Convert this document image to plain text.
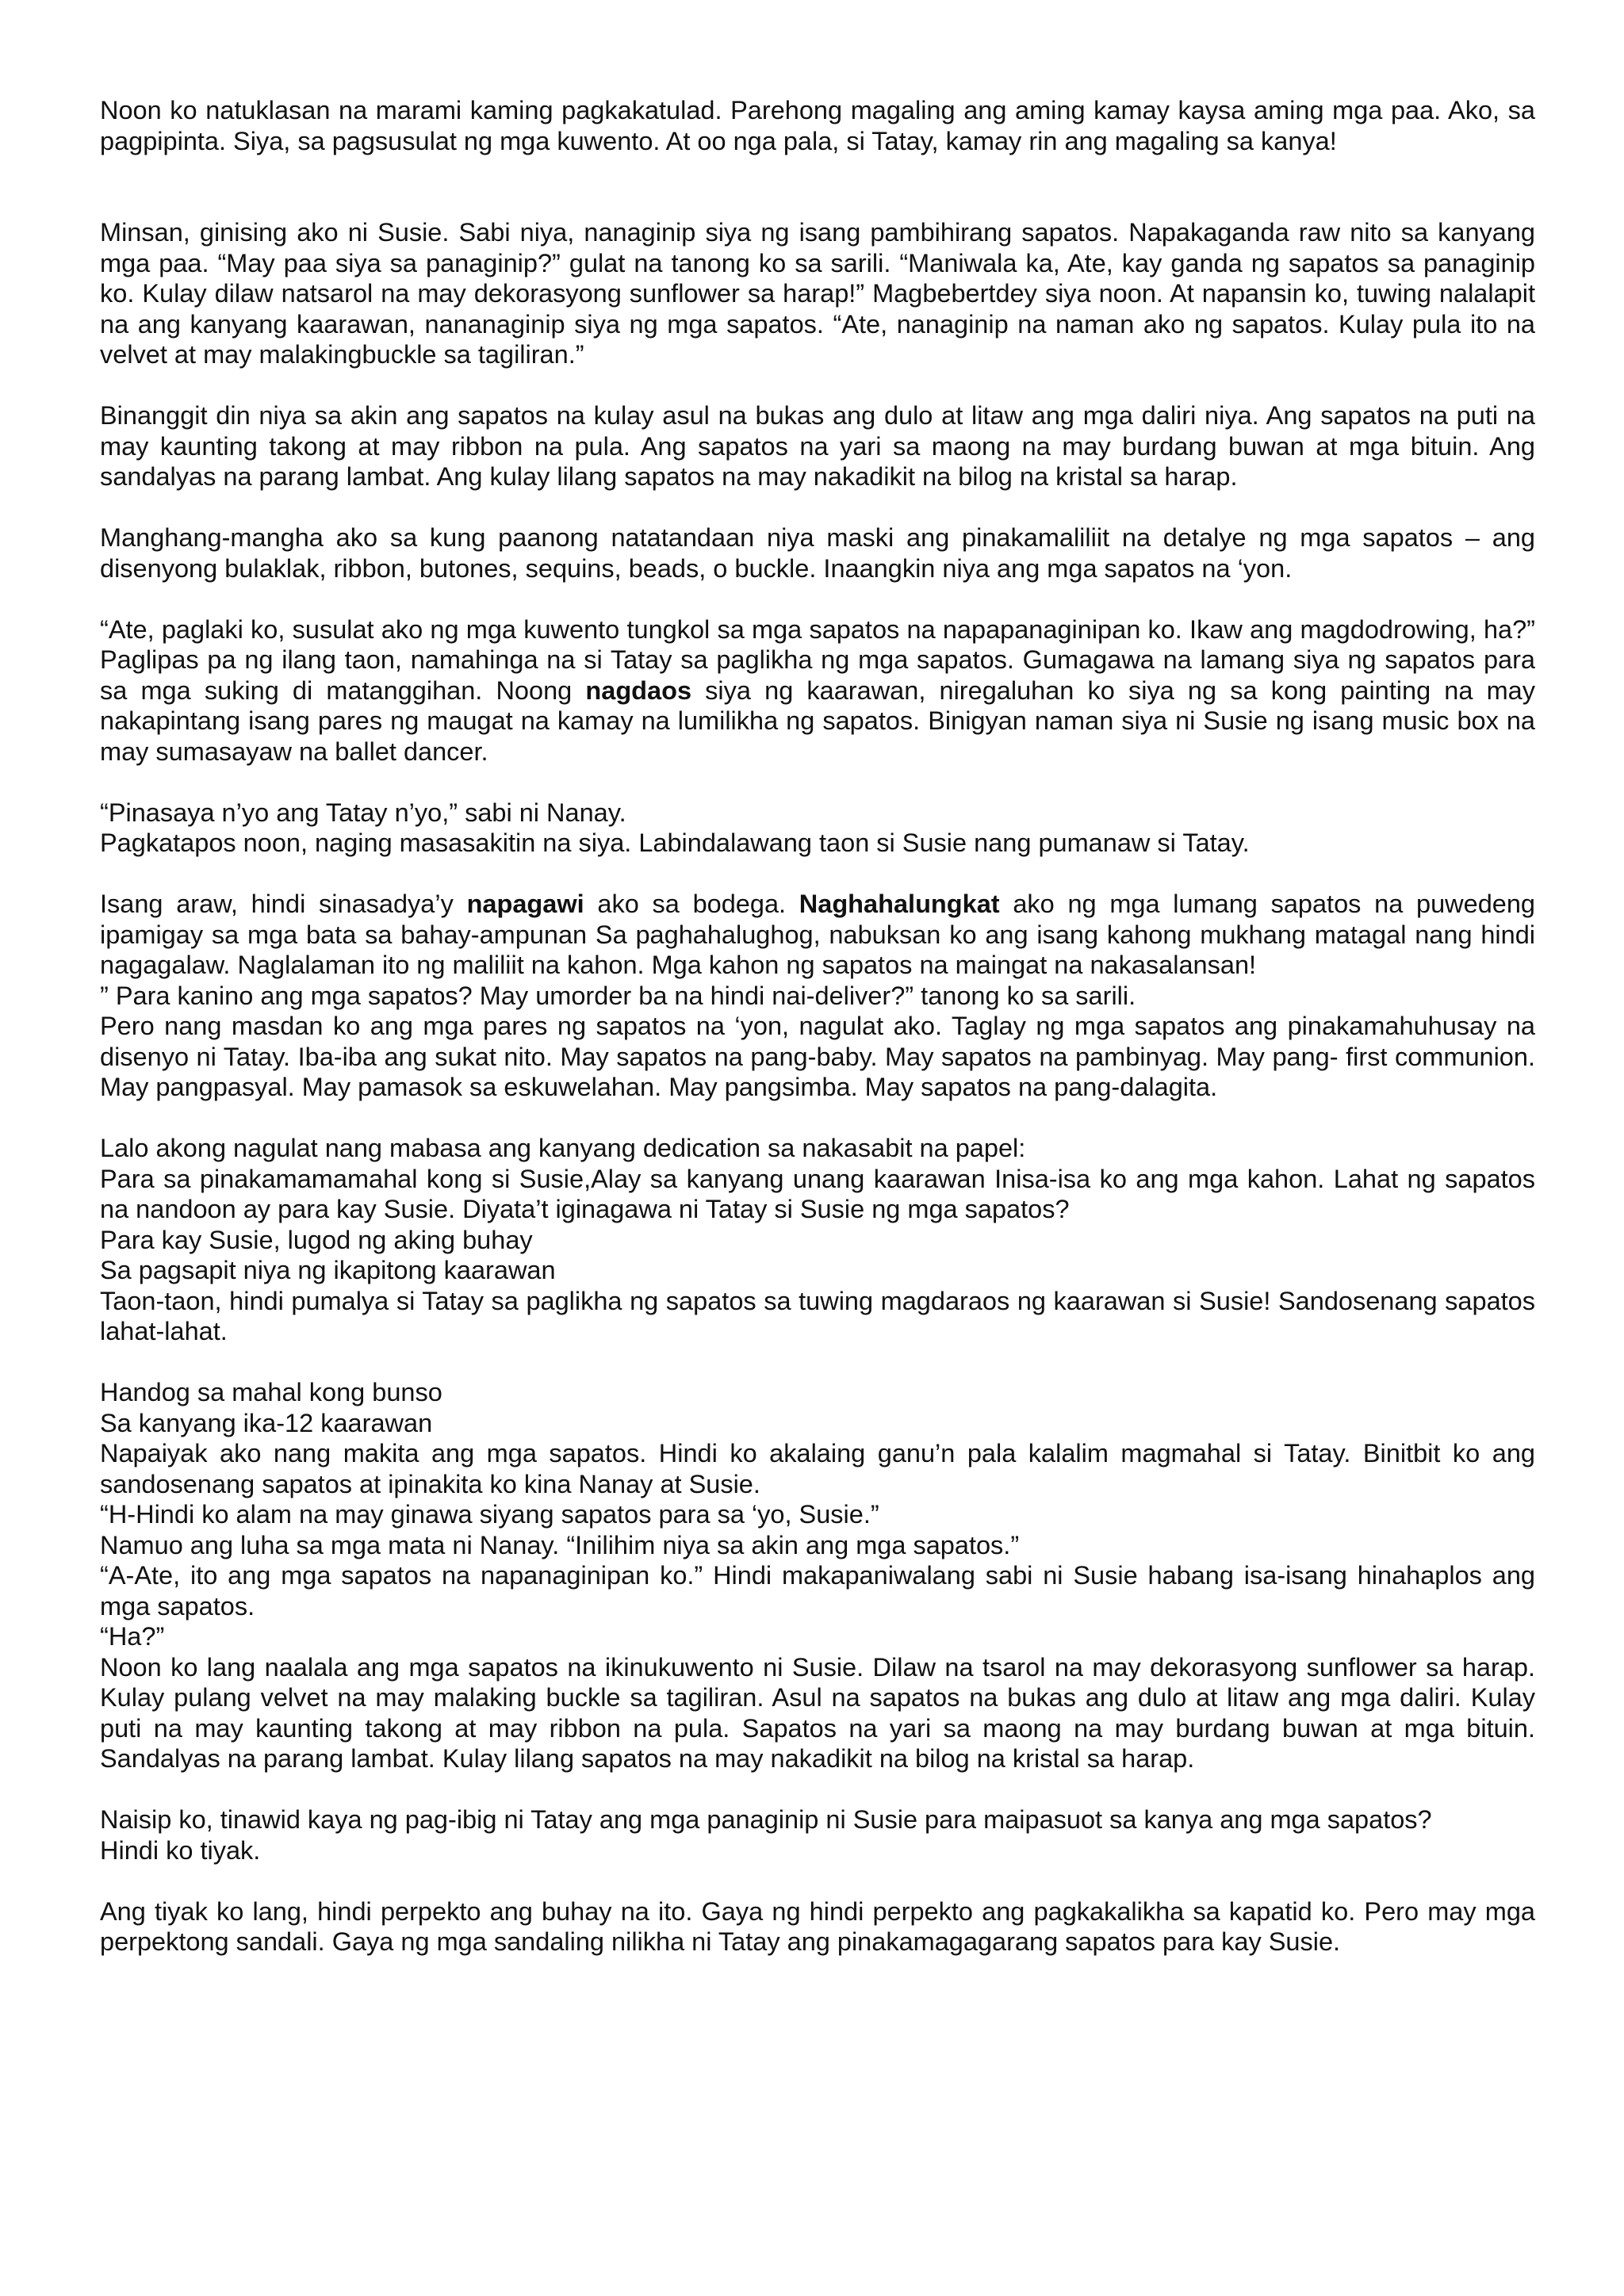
Noon ko natuklasan na marami kaming pagkakatulad. Parehong magaling ang aming kamay kaysa aming mga paa. Ako, sa pagpipinta. Siya, sa pagsusulat ng mga kuwento. At oo nga pala, si Tatay, kamay rin ang magaling sa kanya!
Minsan, ginising ako ni Susie. Sabi niya, nanaginip siya ng isang pambihirang sapatos. Napakaganda raw nito sa kanyang mga paa. “May paa siya sa panaginip?” gulat na tanong ko sa sarili. “Maniwala ka, Ate, kay ganda ng sapatos sa panaginip ko. Kulay dilaw natsarol na may dekorasyong sunflower sa harap!” Magbebertdey siya noon. At napansin ko, tuwing nalalapit na ang kanyang kaarawan, nananaginip siya ng mga sapatos. “Ate, nanaginip na naman ako ng sapatos. Kulay pula ito na velvet at may malakingbuckle sa tagiliran.”
Binanggit din niya sa akin ang sapatos na kulay asul na bukas ang dulo at litaw ang mga daliri niya. Ang sapatos na puti na may kaunting takong at may ribbon na pula. Ang sapatos na yari sa maong na may burdang buwan at mga bituin. Ang sandalyas na parang lambat. Ang kulay lilang sapatos na may nakadikit na bilog na kristal sa harap.
Manghang-mangha ako sa kung paanong natatandaan niya maski ang pinakamaliliit na detalye ng mga sapatos – ang disenyong bulaklak, ribbon, butones, sequins, beads, o buckle. Inaangkin niya ang mga sapatos na ‘yon.
“Ate, paglaki ko, susulat ako ng mga kuwento tungkol sa mga sapatos na napapanaginipan ko. Ikaw ang magdodrowing, ha?” Paglipas pa ng ilang taon, namahinga na si Tatay sa paglikha ng mga sapatos. Gumagawa na lamang siya ng sapatos para sa mga suking di matanggihan. Noong nagdaos siya ng kaarawan, niregaluhan ko siya ng sa kong painting na may nakapintang isang pares ng maugat na kamay na lumilikha ng sapatos. Binigyan naman siya ni Susie ng isang music box na may sumasayaw na ballet dancer.
“Pinasaya n’yo ang Tatay n’yo,” sabi ni Nanay.
Pagkatapos noon, naging masasakitin na siya. Labindalawang taon si Susie nang pumanaw si Tatay.
Isang araw, hindi sinasadya’y napagawi ako sa bodega. Naghahalungkat ako ng mga lumang sapatos na puwedeng ipamigay sa mga bata sa bahay-ampunan Sa paghahalughog, nabuksan ko ang isang kahong mukhang matagal nang hindi nagagalaw. Naglalaman ito ng maliliit na kahon. Mga kahon ng sapatos na maingat na nakasalansan!
” Para kanino ang mga sapatos? May umorder ba na hindi nai-deliver?” tanong ko sa sarili.
Pero nang masdan ko ang mga pares ng sapatos na ‘yon, nagulat ako. Taglay ng mga sapatos ang pinakamahuhusay na disenyo ni Tatay. Iba-iba ang sukat nito. May sapatos na pang-baby. May sapatos na pambinyag. May pang- first communion. May pangpasyal. May pamasok sa eskuwelahan. May pangsimba. May sapatos na pang-dalagita.
Lalo akong nagulat nang mabasa ang kanyang dedication sa nakasabit na papel:
Para sa pinakamamamahal kong si Susie,Alay sa kanyang unang kaarawan Inisa-isa ko ang mga kahon. Lahat ng sapatos na nandoon ay para kay Susie. Diyata’t iginagawa ni Tatay si Susie ng mga sapatos?
Para kay Susie, lugod ng aking buhay
Sa pagsapit niya ng ikapitong kaarawan
Taon-taon, hindi pumalya si Tatay sa paglikha ng sapatos sa tuwing magdaraos ng kaarawan si Susie! Sandosenang sapatos lahat-lahat.
Handog sa mahal kong bunso
Sa kanyang ika-12 kaarawan
Napaiyak ako nang makita ang mga sapatos. Hindi ko akalaing ganu’n pala kalalim magmahal si Tatay. Binitbit ko ang sandosenang sapatos at ipinakita ko kina Nanay at Susie.
“H-Hindi ko alam na may ginawa siyang sapatos para sa ‘yo, Susie.”
Namuo ang luha sa mga mata ni Nanay. “Inilihim niya sa akin ang mga sapatos.”
“A-Ate, ito ang mga sapatos na napanaginipan ko.” Hindi makapaniwalang sabi ni Susie habang isa-isang hinahaplos ang mga sapatos.
“Ha?”
Noon ko lang naalala ang mga sapatos na ikinukuwento ni Susie. Dilaw na tsarol na may dekorasyong sunflower sa harap. Kulay pulang velvet na may malaking buckle sa tagiliran. Asul na sapatos na bukas ang dulo at litaw ang mga daliri. Kulay puti na may kaunting takong at may ribbon na pula. Sapatos na yari sa maong na may burdang buwan at mga bituin. Sandalyas na parang lambat. Kulay lilang sapatos na may nakadikit na bilog na kristal sa harap.
Naisip ko, tinawid kaya ng pag-ibig ni Tatay ang mga panaginip ni Susie para maipasuot sa kanya ang mga sapatos?
Hindi ko tiyak.
Ang tiyak ko lang, hindi perpekto ang buhay na ito. Gaya ng hindi perpekto ang pagkakalikha sa kapatid ko. Pero may mga perpektong sandali. Gaya ng mga sandaling nilikha ni Tatay ang pinakamagagarang sapatos para kay Susie.
